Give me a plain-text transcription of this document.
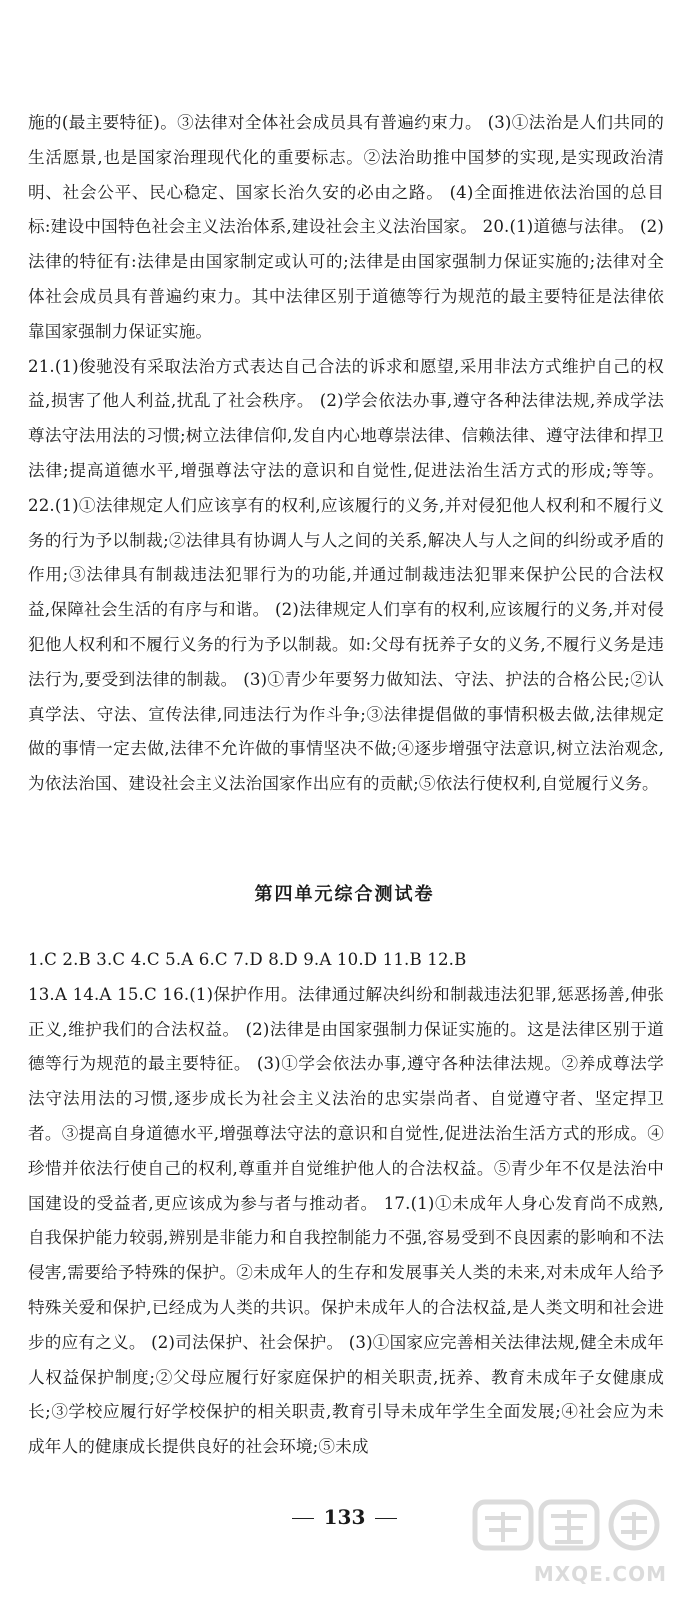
施的(最主要特征)。③法律对全体社会成员具有普遍约束力。 (3)①法治是人们共同的生活愿景,也是国家治理现代化的重要标志。②法治助推中国梦的实现,是实现政治清明、社会公平、民心稳定、国家长治久安的必由之路。 (4)全面推进依法治国的总目标:建设中国特色社会主义法治体系,建设社会主义法治国家。 20.(1)道德与法律。 (2)法律的特征有:法律是由国家制定或认可的;法律是由国家强制力保证实施的;法律对全体社会成员具有普遍约束力。其中法律区别于道德等行为规范的最主要特征是法律依靠国家强制力保证实施。

21.(1)俊驰没有采取法治方式表达自己合法的诉求和愿望,采用非法方式维护自己的权益,损害了他人利益,扰乱了社会秩序。 (2)学会依法办事,遵守各种法律法规,养成学法尊法守法用法的习惯;树立法律信仰,发自内心地尊崇法律、信赖法律、遵守法律和捍卫法律;提高道德水平,增强尊法守法的意识和自觉性,促进法治生活方式的形成;等等。 22.(1)①法律规定人们应该享有的权利,应该履行的义务,并对侵犯他人权利和不履行义务的行为予以制裁;②法律具有协调人与人之间的关系,解决人与人之间的纠纷或矛盾的作用;③法律具有制裁违法犯罪行为的功能,并通过制裁违法犯罪来保护公民的合法权益,保障社会生活的有序与和谐。 (2)法律规定人们享有的权利,应该履行的义务,并对侵犯他人权利和不履行义务的行为予以制裁。如:父母有抚养子女的义务,不履行义务是违法行为,要受到法律的制裁。 (3)①青少年要努力做知法、守法、护法的合格公民;②认真学法、守法、宣传法律,同违法行为作斗争;③法律提倡做的事情积极去做,法律规定做的事情一定去做,法律不允许做的事情坚决不做;④逐步增强守法意识,树立法治观念,为依法治国、建设社会主义法治国家作出应有的贡献;⑤依法行使权利,自觉履行义务。

第四单元综合测试卷

1.C 2.B 3.C 4.C 5.A 6.C 7.D 8.D 9.A 10.D 11.B 12.B

13.A 14.A 15.C 16.(1)保护作用。法律通过解决纠纷和制裁违法犯罪,惩恶扬善,伸张正义,维护我们的合法权益。 (2)法律是由国家强制力保证实施的。这是法律区别于道德等行为规范的最主要特征。 (3)①学会依法办事,遵守各种法律法规。②养成尊法学法守法用法的习惯,逐步成长为社会主义法治的忠实崇尚者、自觉遵守者、坚定捍卫者。③提高自身道德水平,增强尊法守法的意识和自觉性,促进法治生活方式的形成。④珍惜并依法行使自己的权利,尊重并自觉维护他人的合法权益。⑤青少年不仅是法治中国建设的受益者,更应该成为参与者与推动者。 17.(1)①未成年人身心发育尚不成熟,自我保护能力较弱,辨别是非能力和自我控制能力不强,容易受到不良因素的影响和不法侵害,需要给予特殊的保护。②未成年人的生存和发展事关人类的未来,对未成年人给予特殊关爱和保护,已经成为人类的共识。保护未成年人的合法权益,是人类文明和社会进步的应有之义。 (2)司法保护、社会保护。 (3)①国家应完善相关法律法规,健全未成年人权益保护制度;②父母应履行好家庭保护的相关职责,抚养、教育未成年子女健康成长;③学校应履行好学校保护的相关职责,教育引导未成年学生全面发展;④社会应为未成年人的健康成长提供良好的社会环境;⑤未成

133
MXQE.COM
